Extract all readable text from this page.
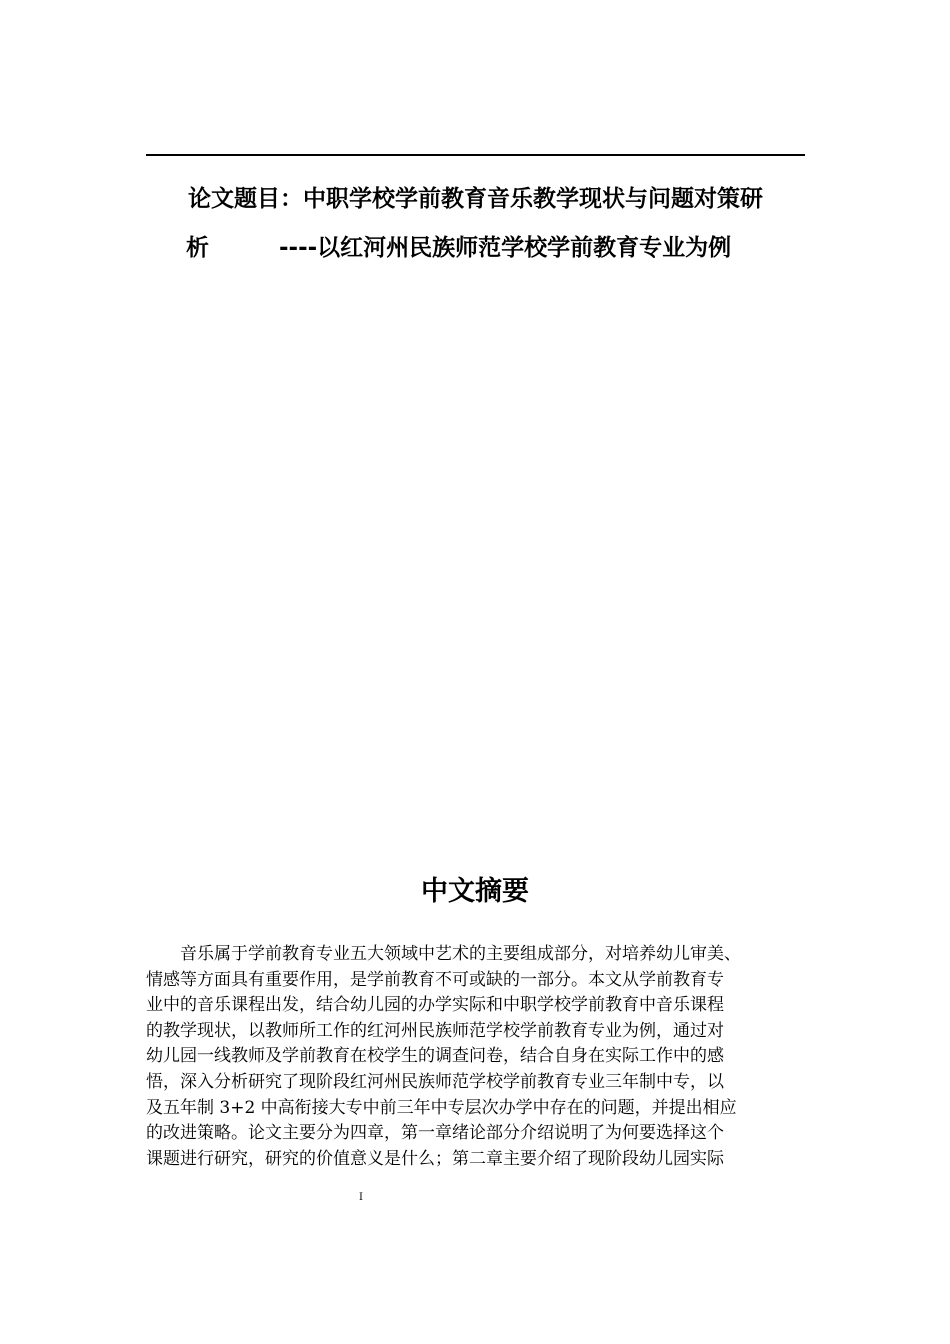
论文题目：中职学校学前教育音乐教学现状与问题对策研
析	----以红河州民族师范学校学前教育专业为例
中文摘要
　　音乐属于学前教育专业五大领域中艺术的主要组成部分，对培养幼儿审美、
情感等方面具有重要作用，是学前教育不可或缺的一部分。本文从学前教育专
业中的音乐课程出发，结合幼儿园的办学实际和中职学校学前教育中音乐课程
的教学现状，以教师所工作的红河州民族师范学校学前教育专业为例，通过对
幼儿园一线教师及学前教育在校学生的调查问卷，结合自身在实际工作中的感
悟，深入分析研究了现阶段红河州民族师范学校学前教育专业三年制中专，以
及五年制 3+2 中高衔接大专中前三年中专层次办学中存在的问题，并提出相应
的改进策略。论文主要分为四章，第一章绪论部分介绍说明了为何要选择这个
课题进行研究，研究的价值意义是什么；第二章主要介绍了现阶段幼儿园实际
I
